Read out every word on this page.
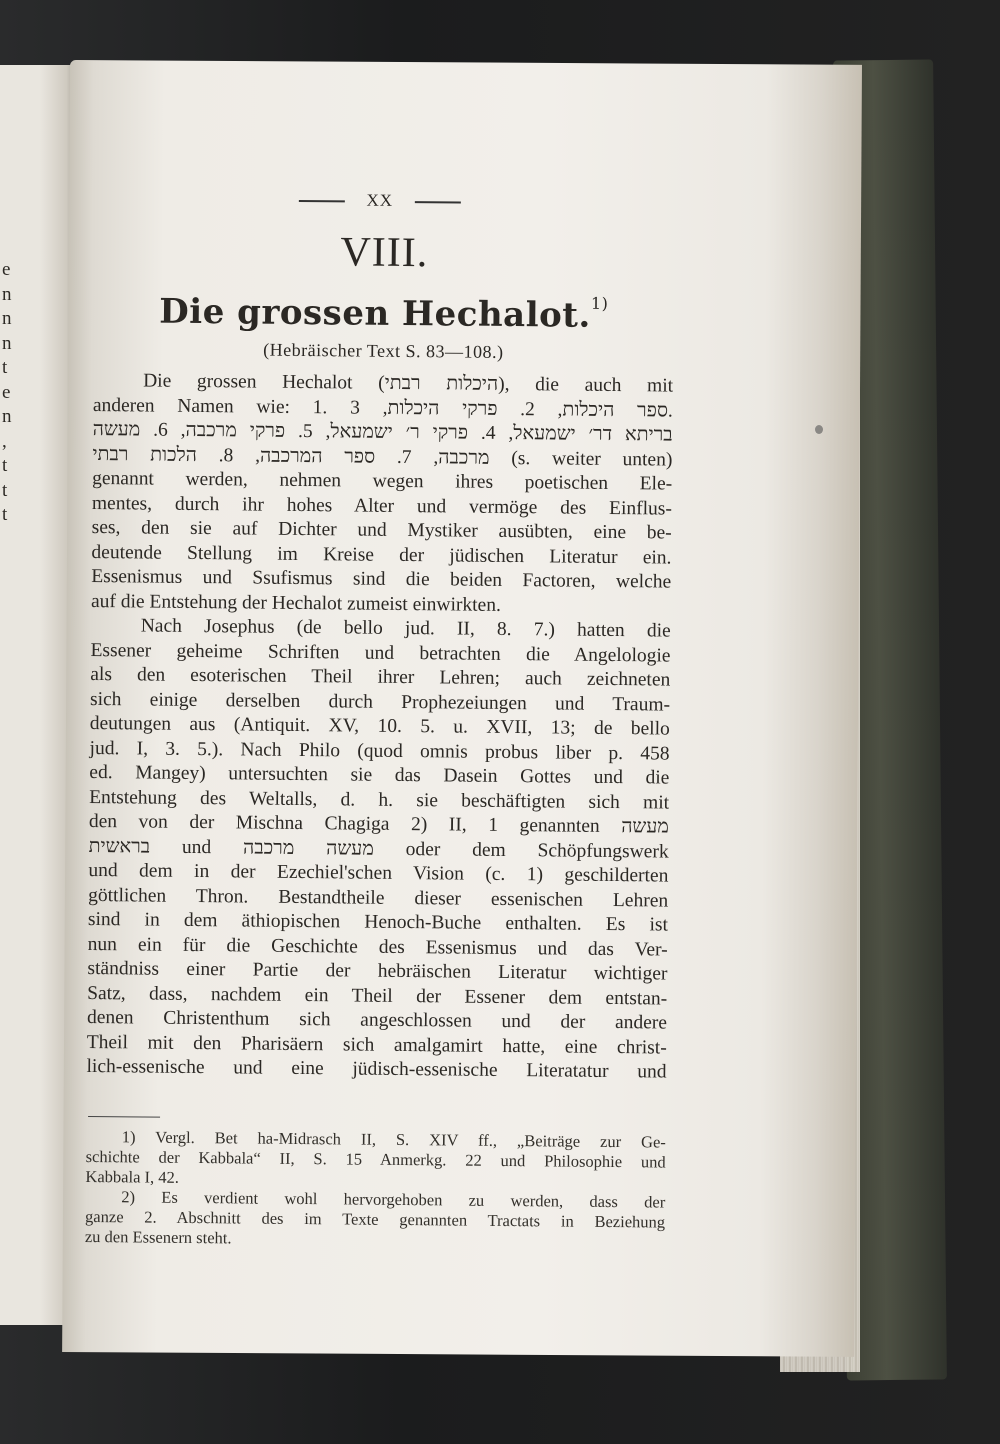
e
n
n
n
t
e
n
,
t
t
t
XX
VIII.
Die grossen Hechalot.$^{1)}$
(Hebräischer Text S. 83—108.)
Die grossen Hechalot (היכלות רבתי), die auch mit
anderen Namen wie: 1. ספר היכלות, 2. פרקי היכלות, 3.
בריתא דר׳ ישמעאל, 4. פרקי ר׳ ישמעאל, 5. פרקי מרכבה, 6. מעשה
מרכבה, 7. ספר המרכבה, 8. הלכות רבתי (s. weiter unten)
genannt werden, nehmen wegen ihres poetischen Ele-
mentes, durch ihr hohes Alter und vermöge des Einflus-
ses, den sie auf Dichter und Mystiker ausübten, eine be-
deutende Stellung im Kreise der jüdischen Literatur ein.
Essenismus und Ssufismus sind die beiden Factoren, welche
auf die Entstehung der Hechalot zumeist einwirkten.
Nach Josephus (de bello jud. II, 8. 7.) hatten die
Essener geheime Schriften und betrachten die Angelologie
als den esoterischen Theil ihrer Lehren; auch zeichneten
sich einige derselben durch Prophezeiungen und Traum-
deutungen aus (Antiquit. XV, 10. 5. u. XVII, 13; de bello
jud. I, 3. 5.). Nach Philo (quod omnis probus liber p. 458
ed. Mangey) untersuchten sie das Dasein Gottes und die
Entstehung des Weltalls, d. h. sie beschäftigten sich mit
den von der Mischna Chagiga 2) II, 1 genannten מעשה
בראשית und מעשה מרכבה oder dem Schöpfungswerk
und dem in der Ezechiel'schen Vision (c. 1) geschilderten
göttlichen Thron. Bestandtheile dieser essenischen Lehren
sind in dem äthiopischen Henoch-Buche enthalten. Es ist
nun ein für die Geschichte des Essenismus und das Ver-
ständniss einer Partie der hebräischen Literatur wichtiger
Satz, dass, nachdem ein Theil der Essener dem entstan-
denen Christenthum sich angeschlossen und der andere
Theil mit den Pharisäern sich amalgamirt hatte, eine christ-
lich-essenische und eine jüdisch-essenische Literatatur und
1) Vergl. Bet ha-Midrasch II, S. XIV ff., „Beiträge zur Ge-
schichte der Kabbala“ II, S. 15 Anmerkg. 22 und Philosophie und
Kabbala I, 42.
2) Es verdient wohl hervorgehoben zu werden, dass der
ganze 2. Abschnitt des im Texte genannten Tractats in Beziehung
zu den Essenern steht.
